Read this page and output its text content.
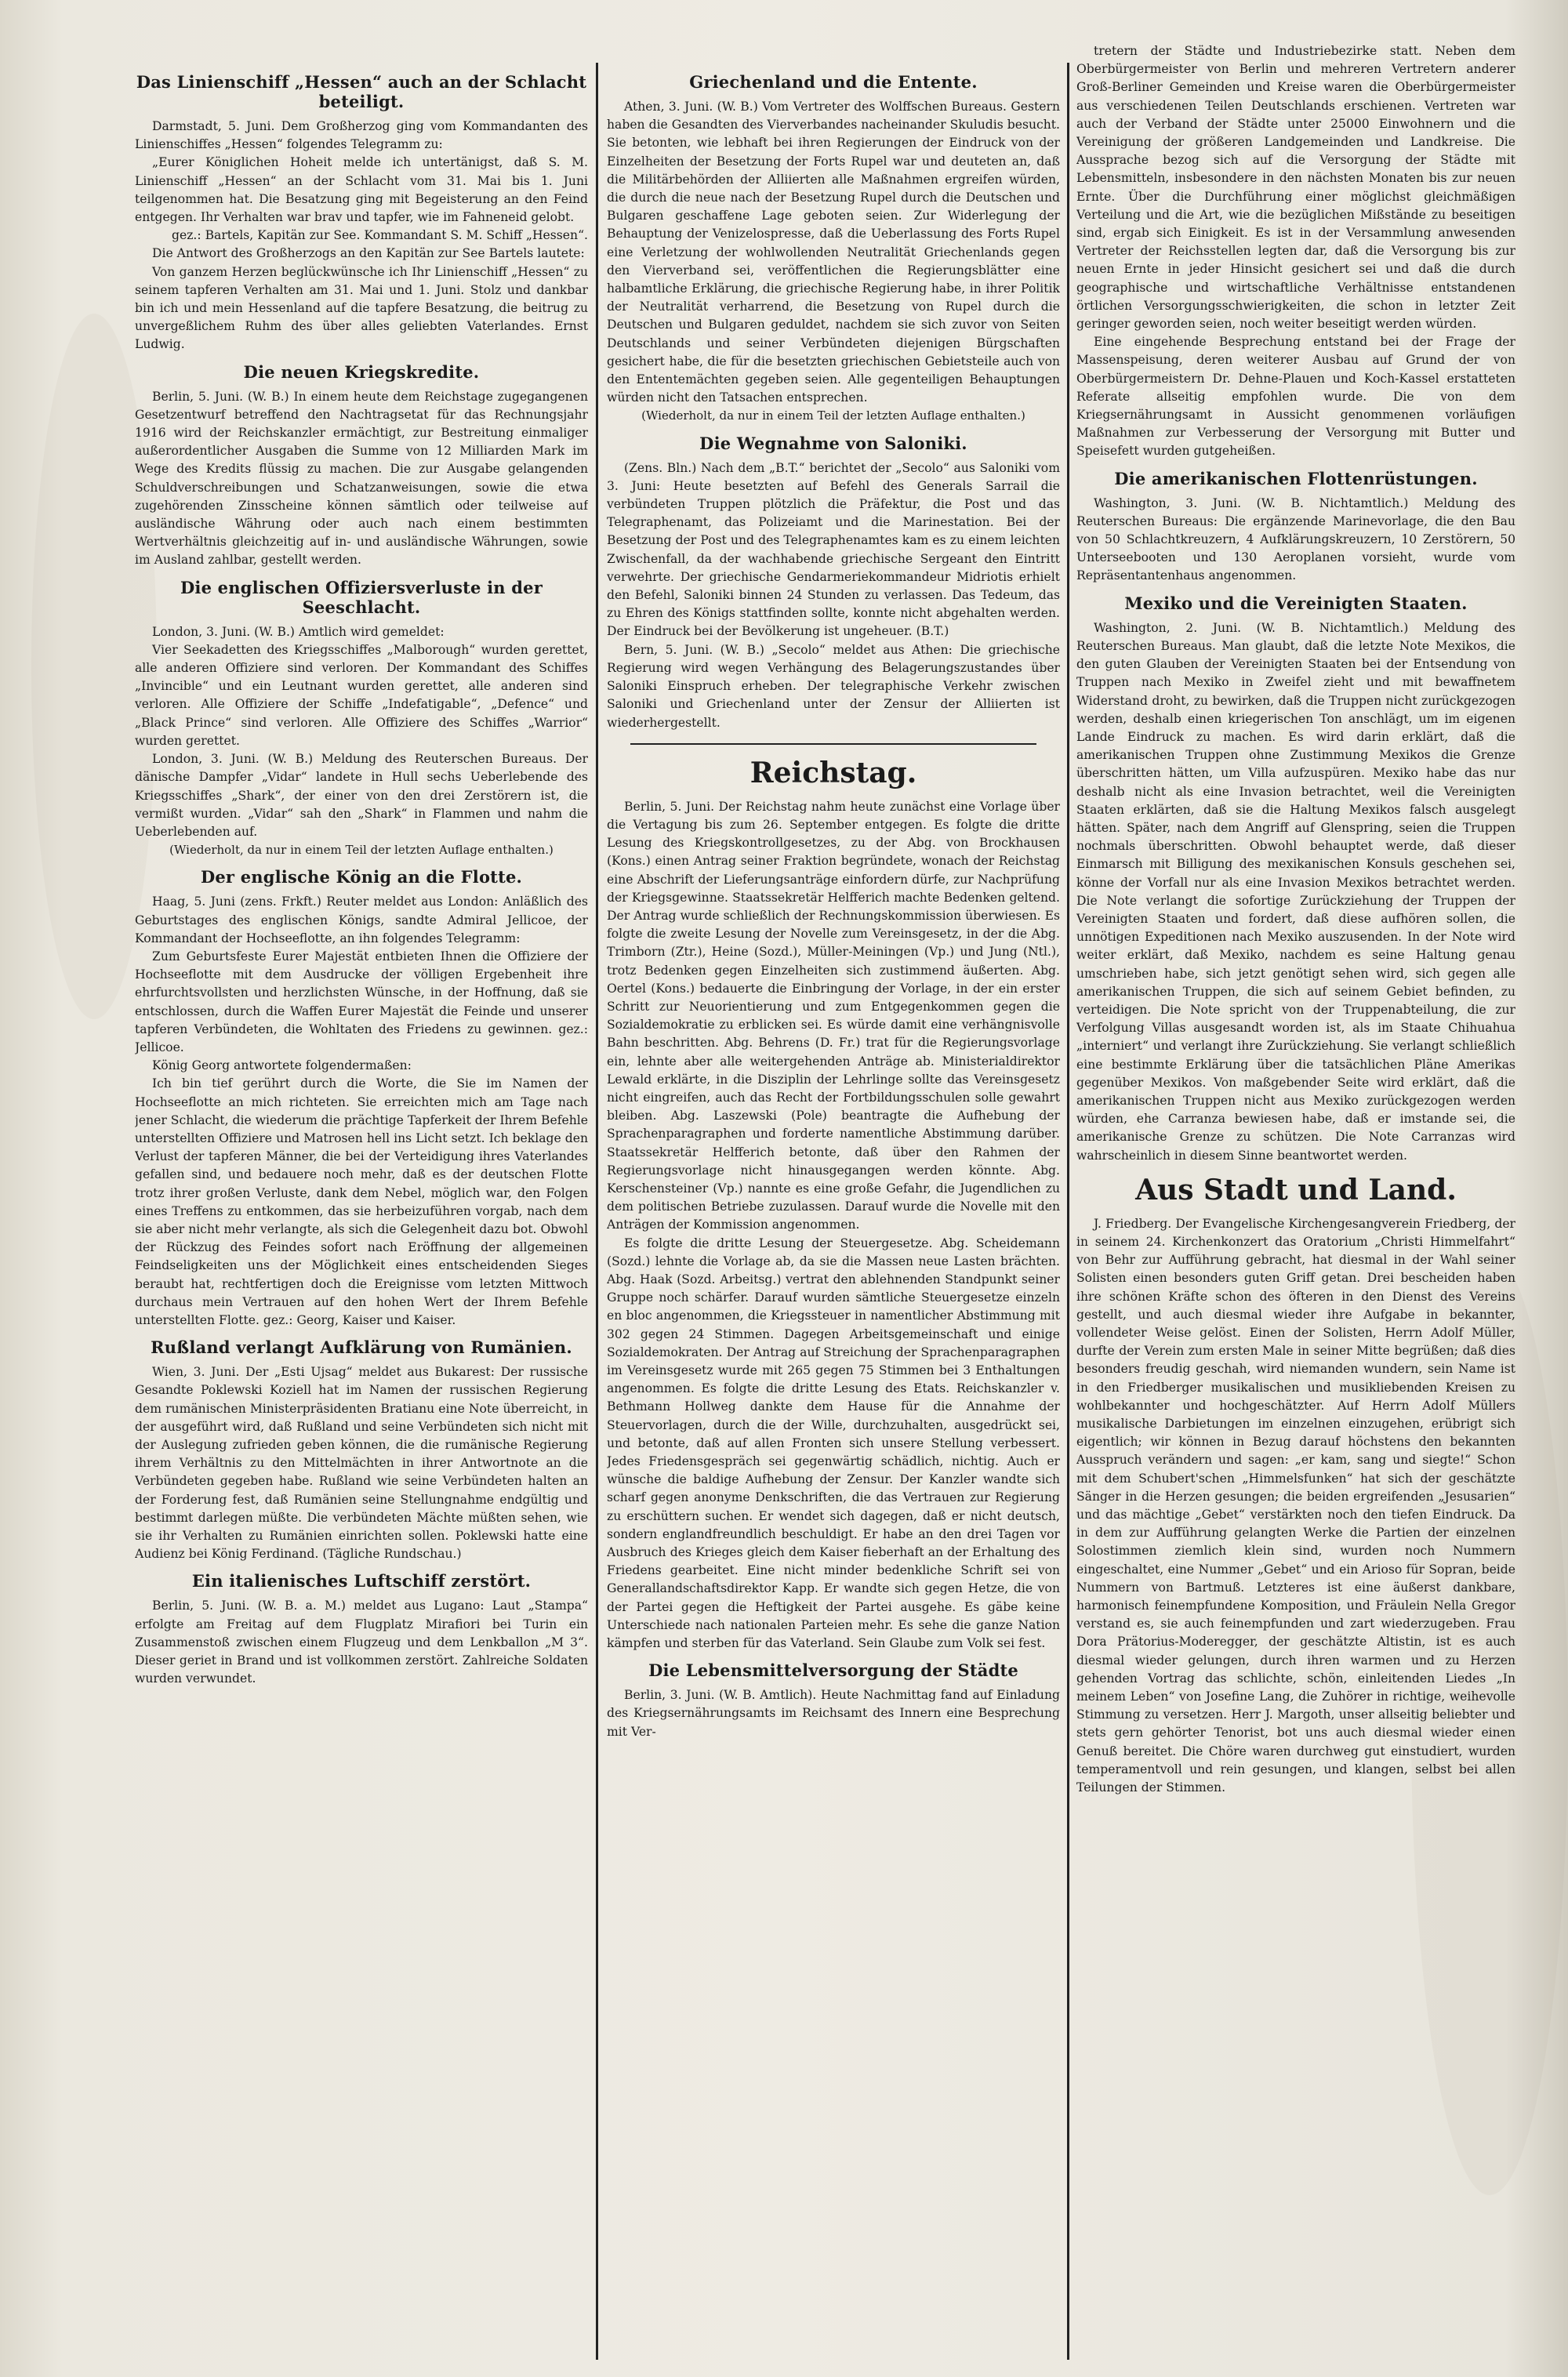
Das Linienschiff „Hessen“ auch an der Schlacht beteiligt.

Darmstadt, 5. Juni. Dem Großherzog ging vom Kommandanten des Linienschiffes „Hessen“ folgendes Telegramm zu:

„Eurer Königlichen Hoheit melde ich untertänigst, daß S. M. Linienschiff „Hessen“ an der Schlacht vom 31. Mai bis 1. Juni teilgenommen hat. Die Besatzung ging mit Begeisterung an den Feind entgegen. Ihr Verhalten war brav und tapfer, wie im Fahneneid gelobt.

gez.: Bartels, Kapitän zur See. Kommandant S. M. Schiff „Hessen“.

Die Antwort des Großherzogs an den Kapitän zur See Bartels lautete:

Von ganzem Herzen beglückwünsche ich Ihr Linienschiff „Hessen“ zu seinem tapferen Verhalten am 31. Mai und 1. Juni. Stolz und dankbar bin ich und mein Hessenland auf die tapfere Besatzung, die beitrug zu unvergeßlichem Ruhm des über alles geliebten Vaterlandes. Ernst Ludwig.

Die neuen Kriegskredite.

Berlin, 5. Juni. (W. B.) In einem heute dem Reichstage zugegangenen Gesetzentwurf betreffend den Nachtragsetat für das Rechnungsjahr 1916 wird der Reichskanzler ermächtigt, zur Bestreitung einmaliger außerordentlicher Ausgaben die Summe von 12 Milliarden Mark im Wege des Kredits flüssig zu machen. Die zur Ausgabe gelangenden Schuldverschreibungen und Schatzanweisungen, sowie die etwa zugehörenden Zinsscheine können sämtlich oder teilweise auf ausländische Währung oder auch nach einem bestimmten Wertverhältnis gleichzeitig auf in- und ausländische Währungen, sowie im Ausland zahlbar, gestellt werden.

Die englischen Offiziersverluste in der Seeschlacht.

London, 3. Juni. (W. B.) Amtlich wird gemeldet:

Vier Seekadetten des Kriegsschiffes „Malborough“ wurden gerettet, alle anderen Offiziere sind verloren. Der Kommandant des Schiffes „Invincible“ und ein Leutnant wurden gerettet, alle anderen sind verloren. Alle Offiziere der Schiffe „Indefatigable“, „Defence“ und „Black Prince“ sind verloren. Alle Offiziere des Schiffes „Warrior“ wurden gerettet.

London, 3. Juni. (W. B.) Meldung des Reuterschen Bureaus. Der dänische Dampfer „Vidar“ landete in Hull sechs Ueberlebende des Kriegsschiffes „Shark“, der einer von den drei Zerstörern ist, die vermißt wurden. „Vidar“ sah den „Shark“ in Flammen und nahm die Ueberlebenden auf.

(Wiederholt, da nur in einem Teil der letzten Auflage enthalten.)

Der englische König an die Flotte.

Haag, 5. Juni (zens. Frkft.) Reuter meldet aus London: Anläßlich des Geburtstages des englischen Königs, sandte Admiral Jellicoe, der Kommandant der Hochseeflotte, an ihn folgendes Telegramm:

Zum Geburtsfeste Eurer Majestät entbieten Ihnen die Offiziere der Hochseeflotte mit dem Ausdrucke der völligen Ergebenheit ihre ehrfurchtsvollsten und herzlichsten Wünsche, in der Hoffnung, daß sie entschlossen, durch die Waffen Eurer Majestät die Feinde und unserer tapferen Verbündeten, die Wohltaten des Friedens zu gewinnen. gez.: Jellicoe.

König Georg antwortete folgendermaßen:

Ich bin tief gerührt durch die Worte, die Sie im Namen der Hochseeflotte an mich richteten. Sie erreichten mich am Tage nach jener Schlacht, die wiederum die prächtige Tapferkeit der Ihrem Befehle unterstellten Offiziere und Matrosen hell ins Licht setzt. Ich beklage den Verlust der tapferen Männer, die bei der Verteidigung ihres Vaterlandes gefallen sind, und bedauere noch mehr, daß es der deutschen Flotte trotz ihrer großen Verluste, dank dem Nebel, möglich war, den Folgen eines Treffens zu entkommen, das sie herbeizuführen vorgab, nach dem sie aber nicht mehr verlangte, als sich die Gelegenheit dazu bot. Obwohl der Rückzug des Feindes sofort nach Eröffnung der allgemeinen Feindseligkeiten uns der Möglichkeit eines entscheidenden Sieges beraubt hat, rechtfertigen doch die Ereignisse vom letzten Mittwoch durchaus mein Vertrauen auf den hohen Wert der Ihrem Befehle unterstellten Flotte. gez.: Georg, Kaiser und Kaiser.

Rußland verlangt Aufklärung von Rumänien.

Wien, 3. Juni. Der „Esti Ujsag“ meldet aus Bukarest: Der russische Gesandte Poklewski Koziell hat im Namen der russischen Regierung dem rumänischen Ministerpräsidenten Bratianu eine Note überreicht, in der ausgeführt wird, daß Rußland und seine Verbündeten sich nicht mit der Auslegung zufrieden geben können, die die rumänische Regierung ihrem Verhältnis zu den Mittelmächten in ihrer Antwortnote an die Verbündeten gegeben habe. Rußland wie seine Verbündeten halten an der Forderung fest, daß Rumänien seine Stellungnahme endgültig und bestimmt darlegen müßte. Die verbündeten Mächte müßten sehen, wie sie ihr Verhalten zu Rumänien einrichten sollen. Poklewski hatte eine Audienz bei König Ferdinand. (Tägliche Rundschau.)

Ein italienisches Luftschiff zerstört.

Berlin, 5. Juni. (W. B. a. M.) meldet aus Lugano: Laut „Stampa“ erfolgte am Freitag auf dem Flugplatz Mirafiori bei Turin ein Zusammenstoß zwischen einem Flugzeug und dem Lenkballon „M 3“. Dieser geriet in Brand und ist vollkommen zerstört. Zahlreiche Soldaten wurden verwundet.

Griechenland und die Entente.

Athen, 3. Juni. (W. B.) Vom Vertreter des Wolffschen Bureaus. Gestern haben die Gesandten des Vierverbandes nacheinander Skuludis besucht. Sie betonten, wie lebhaft bei ihren Regierungen der Eindruck von der Einzelheiten der Besetzung der Forts Rupel war und deuteten an, daß die Militärbehörden der Alliierten alle Maßnahmen ergreifen würden, die durch die neue nach der Besetzung Rupel durch die Deutschen und Bulgaren geschaffene Lage geboten seien. Zur Widerlegung der Behauptung der Venizelospresse, daß die Ueberlassung des Forts Rupel eine Verletzung der wohlwollenden Neutralität Griechenlands gegen den Vierverband sei, veröffentlichen die Regierungsblätter eine halbamtliche Erklärung, die griechische Regierung habe, in ihrer Politik der Neutralität verharrend, die Besetzung von Rupel durch die Deutschen und Bulgaren geduldet, nachdem sie sich zuvor von Seiten Deutschlands und seiner Verbündeten diejenigen Bürgschaften gesichert habe, die für die besetzten griechischen Gebietsteile auch von den Ententemächten gegeben seien. Alle gegenteiligen Behauptungen würden nicht den Tatsachen entsprechen.

(Wiederholt, da nur in einem Teil der letzten Auflage enthalten.)

Die Wegnahme von Saloniki.

(Zens. Bln.) Nach dem „B.T.“ berichtet der „Secolo“ aus Saloniki vom 3. Juni: Heute besetzten auf Befehl des Generals Sarrail die verbündeten Truppen plötzlich die Präfektur, die Post und das Telegraphenamt, das Polizeiamt und die Marinestation. Bei der Besetzung der Post und des Telegraphenamtes kam es zu einem leichten Zwischenfall, da der wachhabende griechische Sergeant den Eintritt verwehrte. Der griechische Gendarmeriekommandeur Midriotis erhielt den Befehl, Saloniki binnen 24 Stunden zu verlassen. Das Tedeum, das zu Ehren des Königs stattfinden sollte, konnte nicht abgehalten werden. Der Eindruck bei der Bevölkerung ist ungeheuer. (B.T.)

Bern, 5. Juni. (W. B.) „Secolo“ meldet aus Athen: Die griechische Regierung wird wegen Verhängung des Belagerungszustandes über Saloniki Einspruch erheben. Der telegraphische Verkehr zwischen Saloniki und Griechenland unter der Zensur der Alliierten ist wiederhergestellt.

Reichstag.

Berlin, 5. Juni. Der Reichstag nahm heute zunächst eine Vorlage über die Vertagung bis zum 26. September entgegen. Es folgte die dritte Lesung des Kriegskontrollgesetzes, zu der Abg. von Brockhausen (Kons.) einen Antrag seiner Fraktion begründete, wonach der Reichstag eine Abschrift der Lieferungsanträge einfordern dürfe, zur Nachprüfung der Kriegsgewinne. Staatssekretär Helfferich machte Bedenken geltend. Der Antrag wurde schließlich der Rechnungskommission überwiesen. Es folgte die zweite Lesung der Novelle zum Vereinsgesetz, in der die Abg. Trimborn (Ztr.), Heine (Sozd.), Müller-Meiningen (Vp.) und Jung (Ntl.), trotz Bedenken gegen Einzelheiten sich zustimmend äußerten. Abg. Oertel (Kons.) bedauerte die Einbringung der Vorlage, in der ein erster Schritt zur Neuorientierung und zum Entgegenkommen gegen die Sozialdemokratie zu erblicken sei. Es würde damit eine verhängnisvolle Bahn beschritten. Abg. Behrens (D. Fr.) trat für die Regierungsvorlage ein, lehnte aber alle weitergehenden Anträge ab. Ministerialdirektor Lewald erklärte, in die Disziplin der Lehrlinge sollte das Vereinsgesetz nicht eingreifen, auch das Recht der Fortbildungsschulen solle gewahrt bleiben. Abg. Laszewski (Pole) beantragte die Aufhebung der Sprachenparagraphen und forderte namentliche Abstimmung darüber. Staatssekretär Helfferich betonte, daß über den Rahmen der Regierungsvorlage nicht hinausgegangen werden könnte. Abg. Kerschensteiner (Vp.) nannte es eine große Gefahr, die Jugendlichen zu dem politischen Betriebe zuzulassen. Darauf wurde die Novelle mit den Anträgen der Kommission angenommen.

Es folgte die dritte Lesung der Steuergesetze. Abg. Scheidemann (Sozd.) lehnte die Vorlage ab, da sie die Massen neue Lasten brächten. Abg. Haak (Sozd. Arbeitsg.) vertrat den ablehnenden Standpunkt seiner Gruppe noch schärfer. Darauf wurden sämtliche Steuergesetze einzeln en bloc angenommen, die Kriegssteuer in namentlicher Abstimmung mit 302 gegen 24 Stimmen. Dagegen Arbeitsgemeinschaft und einige Sozialdemokraten. Der Antrag auf Streichung der Sprachenparagraphen im Vereinsgesetz wurde mit 265 gegen 75 Stimmen bei 3 Enthaltungen angenommen. Es folgte die dritte Lesung des Etats. Reichskanzler v. Bethmann Hollweg dankte dem Hause für die Annahme der Steuervorlagen, durch die der Wille, durchzuhalten, ausgedrückt sei, und betonte, daß auf allen Fronten sich unsere Stellung verbessert. Jedes Friedensgespräch sei gegenwärtig schädlich, nichtig. Auch er wünsche die baldige Aufhebung der Zensur. Der Kanzler wandte sich scharf gegen anonyme Denkschriften, die das Vertrauen zur Regierung zu erschüttern suchen. Er wendet sich dagegen, daß er nicht deutsch, sondern englandfreundlich beschuldigt. Er habe an den drei Tagen vor Ausbruch des Krieges gleich dem Kaiser fieberhaft an der Erhaltung des Friedens gearbeitet. Eine nicht minder bedenkliche Schrift sei von Generallandschaftsdirektor Kapp. Er wandte sich gegen Hetze, die von der Partei gegen die Heftigkeit der Partei ausgehe. Es gäbe keine Unterschiede nach nationalen Parteien mehr. Es sehe die ganze Nation kämpfen und sterben für das Vaterland. Sein Glaube zum Volk sei fest.

Die Lebensmittelversorgung der Städte

Berlin, 3. Juni. (W. B. Amtlich). Heute Nachmittag fand auf Einladung des Kriegsernährungsamts im Reichsamt des Innern eine Besprechung mit Ver-

tretern der Städte und Industriebezirke statt. Neben dem Oberbürgermeister von Berlin und mehreren Vertretern anderer Groß-Berliner Gemeinden und Kreise waren die Oberbürgermeister aus verschiedenen Teilen Deutschlands erschienen. Vertreten war auch der Verband der Städte unter 25000 Einwohnern und die Vereinigung der größeren Landgemeinden und Landkreise. Die Aussprache bezog sich auf die Versorgung der Städte mit Lebensmitteln, insbesondere in den nächsten Monaten bis zur neuen Ernte. Über die Durchführung einer möglichst gleichmäßigen Verteilung und die Art, wie die bezüglichen Mißstände zu beseitigen sind, ergab sich Einigkeit. Es ist in der Versammlung anwesenden Vertreter der Reichsstellen legten dar, daß die Versorgung bis zur neuen Ernte in jeder Hinsicht gesichert sei und daß die durch geographische und wirtschaftliche Verhältnisse entstandenen örtlichen Versorgungsschwierigkeiten, die schon in letzter Zeit geringer geworden seien, noch weiter beseitigt werden würden.

Eine eingehende Besprechung entstand bei der Frage der Massenspeisung, deren weiterer Ausbau auf Grund der von Oberbürgermeistern Dr. Dehne-Plauen und Koch-Kassel erstatteten Referate allseitig empfohlen wurde. Die von dem Kriegsernährungsamt in Aussicht genommenen vorläufigen Maßnahmen zur Verbesserung der Versorgung mit Butter und Speisefett wurden gutgeheißen.

Die amerikanischen Flottenrüstungen.

Washington, 3. Juni. (W. B. Nichtamtlich.) Meldung des Reuterschen Bureaus: Die ergänzende Marinevorlage, die den Bau von 50 Schlachtkreuzern, 4 Aufklärungskreuzern, 10 Zerstörern, 50 Unterseebooten und 130 Aeroplanen vorsieht, wurde vom Repräsentantenhaus angenommen.

Mexiko und die Vereinigten Staaten.

Washington, 2. Juni. (W. B. Nichtamtlich.) Meldung des Reuterschen Bureaus. Man glaubt, daß die letzte Note Mexikos, die den guten Glauben der Vereinigten Staaten bei der Entsendung von Truppen nach Mexiko in Zweifel zieht und mit bewaffnetem Widerstand droht, zu bewirken, daß die Truppen nicht zurückgezogen werden, deshalb einen kriegerischen Ton anschlägt, um im eigenen Lande Eindruck zu machen. Es wird darin erklärt, daß die amerikanischen Truppen ohne Zustimmung Mexikos die Grenze überschritten hätten, um Villa aufzuspüren. Mexiko habe das nur deshalb nicht als eine Invasion betrachtet, weil die Vereinigten Staaten erklärten, daß sie die Haltung Mexikos falsch ausgelegt hätten. Später, nach dem Angriff auf Glenspring, seien die Truppen nochmals überschritten. Obwohl behauptet werde, daß dieser Einmarsch mit Billigung des mexikanischen Konsuls geschehen sei, könne der Vorfall nur als eine Invasion Mexikos betrachtet werden. Die Note verlangt die sofortige Zurückziehung der Truppen der Vereinigten Staaten und fordert, daß diese aufhören sollen, die unnötigen Expeditionen nach Mexiko auszusenden. In der Note wird weiter erklärt, daß Mexiko, nachdem es seine Haltung genau umschrieben habe, sich jetzt genötigt sehen wird, sich gegen alle amerikanischen Truppen, die sich auf seinem Gebiet befinden, zu verteidigen. Die Note spricht von der Truppenabteilung, die zur Verfolgung Villas ausgesandt worden ist, als im Staate Chihuahua „interniert“ und verlangt ihre Zurückziehung. Sie verlangt schließlich eine bestimmte Erklärung über die tatsächlichen Pläne Amerikas gegenüber Mexikos. Von maßgebender Seite wird erklärt, daß die amerikanischen Truppen nicht aus Mexiko zurückgezogen werden würden, ehe Carranza bewiesen habe, daß er imstande sei, die amerikanische Grenze zu schützen. Die Note Carranzas wird wahrscheinlich in diesem Sinne beantwortet werden.

Aus Stadt und Land.

J. Friedberg. Der Evangelische Kirchengesangverein Friedberg, der in seinem 24. Kirchenkonzert das Oratorium „Christi Himmelfahrt“ von Behr zur Aufführung gebracht, hat diesmal in der Wahl seiner Solisten einen besonders guten Griff getan. Drei bescheiden haben ihre schönen Kräfte schon des öfteren in den Dienst des Vereins gestellt, und auch diesmal wieder ihre Aufgabe in bekannter, vollendeter Weise gelöst. Einen der Solisten, Herrn Adolf Müller, durfte der Verein zum ersten Male in seiner Mitte begrüßen; daß dies besonders freudig geschah, wird niemanden wundern, sein Name ist in den Friedberger musikalischen und musikliebenden Kreisen zu wohlbekannter und hochgeschätzter. Auf Herrn Adolf Müllers musikalische Darbietungen im einzelnen einzugehen, erübrigt sich eigentlich; wir können in Bezug darauf höchstens den bekannten Ausspruch verändern und sagen: „er kam, sang und siegte!“ Schon mit dem Schubert'schen „Himmelsfunken“ hat sich der geschätzte Sänger in die Herzen gesungen; die beiden ergreifenden „Jesusarien“ und das mächtige „Gebet“ verstärkten noch den tiefen Eindruck. Da in dem zur Aufführung gelangten Werke die Partien der einzelnen Solostimmen ziemlich klein sind, wurden noch Nummern eingeschaltet, eine Nummer „Gebet“ und ein Arioso für Sopran, beide Nummern von Bartmuß. Letzteres ist eine äußerst dankbare, harmonisch feinempfundene Komposition, und Fräulein Nella Gregor verstand es, sie auch feinempfunden und zart wiederzugeben. Frau Dora Prätorius-Moderegger, der geschätzte Altistin, ist es auch diesmal wieder gelungen, durch ihren warmen und zu Herzen gehenden Vortrag das schlichte, schön, einleitenden Liedes „In meinem Leben“ von Josefine Lang, die Zuhörer in richtige, weihevolle Stimmung zu versetzen. Herr J. Margoth, unser allseitig beliebter und stets gern gehörter Tenorist, bot uns auch diesmal wieder einen Genuß bereitet. Die Chöre waren durchweg gut einstudiert, wurden temperamentvoll und rein gesungen, und klangen, selbst bei allen Teilungen der Stimmen.
